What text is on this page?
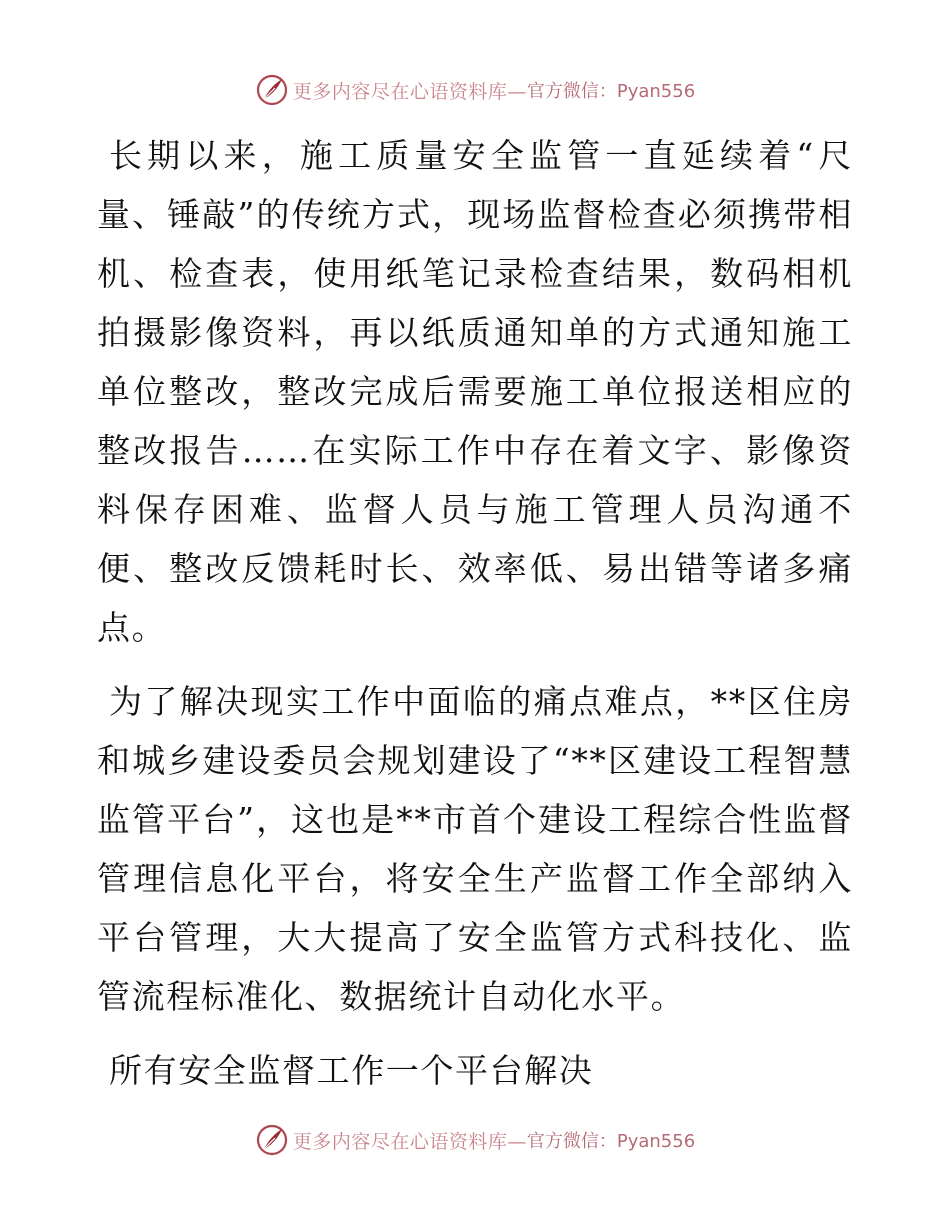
更多内容尽在心语资料库— 官方微信：Pyan556

长期以来，施工质量安全监管一直延续着“尺量、锤敲”的传统方式，现场监督检查必须携带相机、检查表，使用纸笔记录检查结果，数码相机拍摄影像资料，再以纸质通知单的方式通知施工单位整改，整改完成后需要施工单位报送相应的整改报告……在实际工作中存在着文字、影像资料保存困难、监督人员与施工管理人员沟通不便、整改反馈耗时长、效率低、易出错等诸多痛点。

为了解决现实工作中面临的痛点难点，**区住房和城乡建设委员会规划建设了“**区建设工程智慧监管平台”，这也是**市首个建设工程综合性监督管理信息化平台，将安全生产监督工作全部纳入平台管理，大大提高了安全监管方式科技化、监管流程标准化、数据统计自动化水平。

所有安全监督工作一个平台解决

更多内容尽在心语资料库— 官方微信：Pyan556
